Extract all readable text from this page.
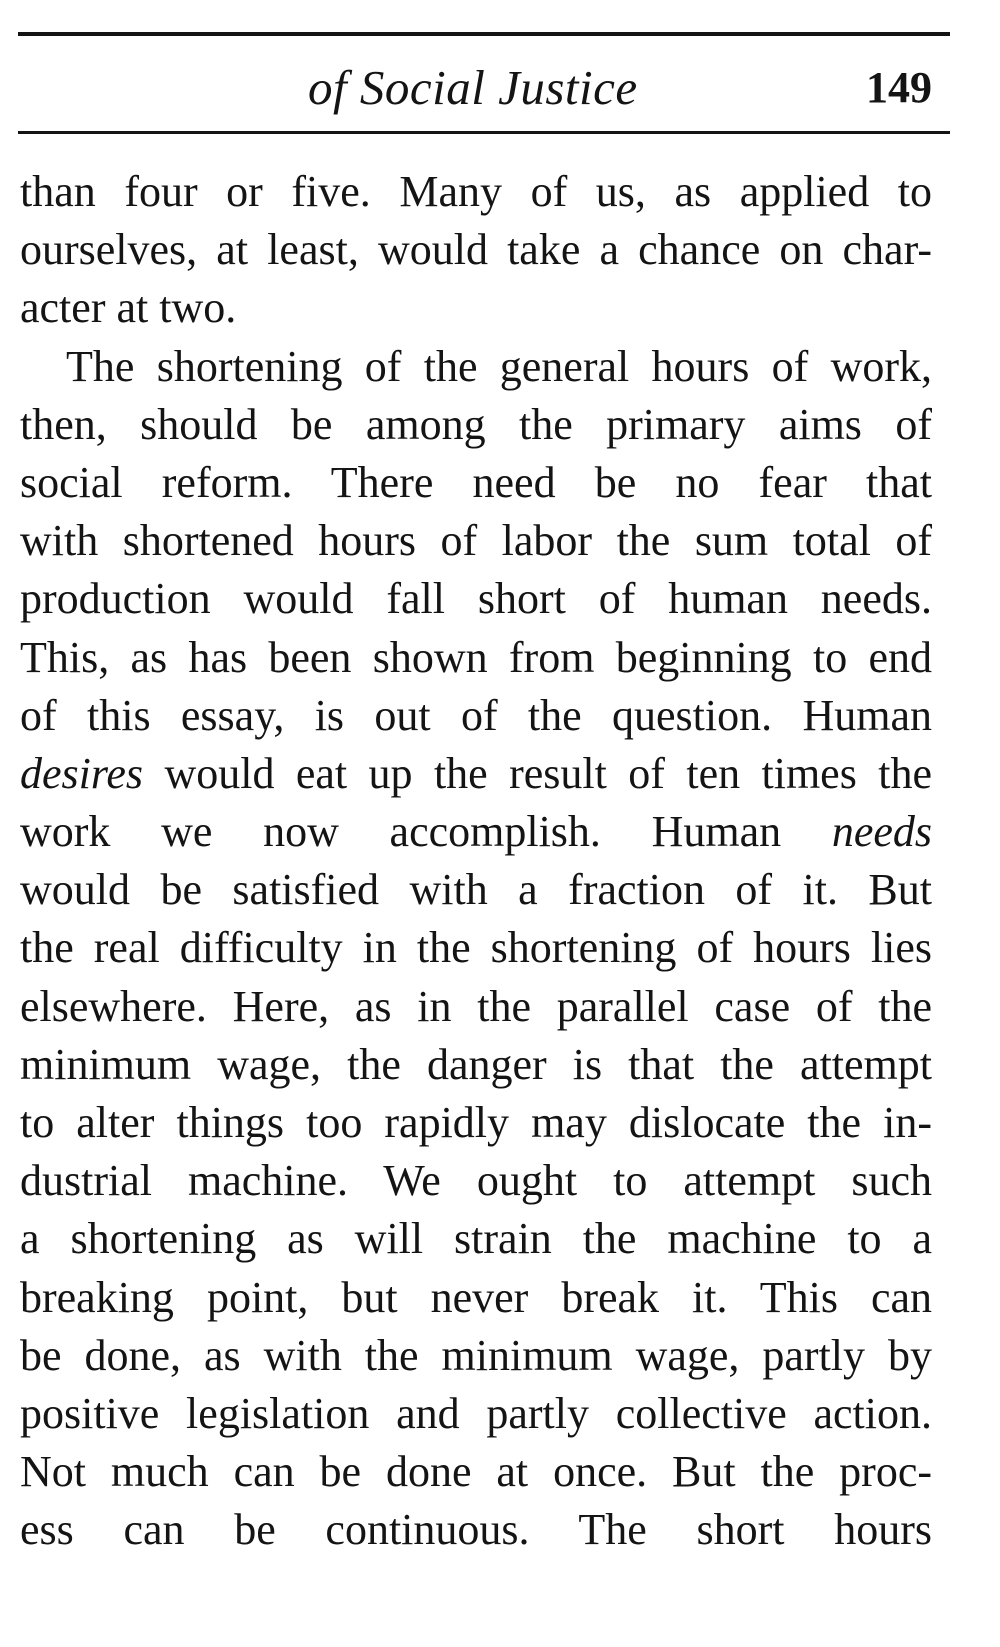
of Social Justice	149
than four or five. Many of us, as applied to
ourselves, at least, would take a chance on char-
acter at two.
The shortening of the general hours of work,
then, should be among the primary aims of
social reform. There need be no fear that
with shortened hours of labor the sum total of
production would fall short of human needs.
This, as has been shown from beginning to end
of this essay, is out of the question. Human
desires would eat up the result of ten times the
work we now accomplish. Human needs
would be satisfied with a fraction of it. But
the real difficulty in the shortening of hours lies
elsewhere. Here, as in the parallel case of the
minimum wage, the danger is that the attempt
to alter things too rapidly may dislocate the in-
dustrial machine. We ought to attempt such
a shortening as will strain the machine to a
breaking point, but never break it. This can
be done, as with the minimum wage, partly by
positive legislation and partly collective action.
Not much can be done at once. But the proc-
ess can be continuous. The short hours
